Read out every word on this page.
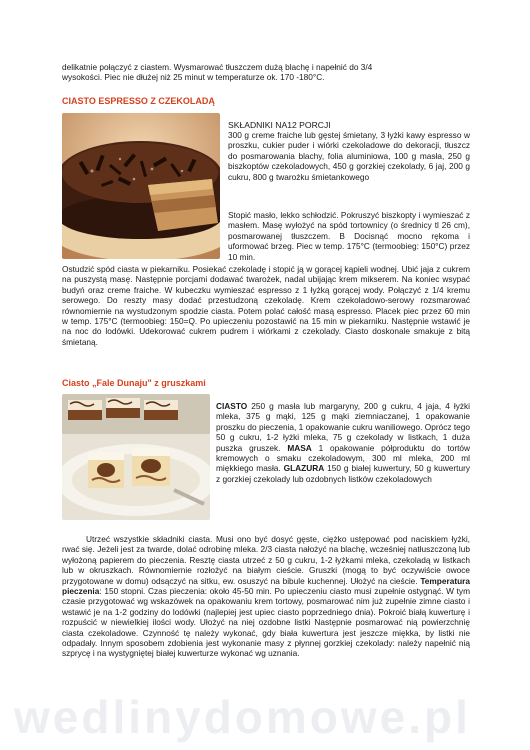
delikatnie połączyć z ciastem. Wysmarować tłuszczem dużą blachę i napełnić do 3/4

wysokości. Piec nie dłużej niż 25 minut w temperaturze ok. 170 -180°C.

CIASTO ESPRESSO Z CZEKOLADĄ
SKŁADNIKI NA12 PORCJI

300 g creme fraiche lub gęstej śmietany, 3 łyżki kawy espresso w proszku, cukier puder i wiórki czekoladowe do dekoracji, tłuszcz do posmarowania blachy, folia aluminiowa, 100 g masła, 250 g biszkoptów czekoladowych, 450 g gorzkiej czekolady, 6 jaj, 200 g cukru, 800 g twarożku śmietankowego

Stopić masło, lekko schłodzić. Pokruszyć biszkopty i wymieszać z masłem. Masę wyłożyć na spód tortownicy (o średnicy tl 26 cm), posmarowanej tłuszczem. B Docisnąć mocno rękoma i uformować brzeg. Piec w temp. 175°C (termoobieg: 150°C) przez 10 min.

Ostudzić spód ciasta w piekarniku. Posiekać czekoladę i stopić ją w gorącej kąpieli wodnej. Ubić jaja z cukrem na puszystą masę. Następnie porcjami dodawać twarożek, nadal ubijając krem mikserem. Na koniec wsypać budyń oraz creme fraiche. W kubeczku wymieszać espresso z 1 łyżką gorącej wody. Połączyć z 1/4 kremu serowego. Do reszty masy dodać przestudzoną czekoladę. Krem czekoladowo-serowy rozsmarować równomiernie na wystudzonym spodzie ciasta. Potem polać całość masą espresso. Placek piec przez 60 min w temp. 175°C (termoobieg: 150=Q. Po upieczeniu pozostawić na 15 min w piekarniku. Następnie wstawić je na noc do lodówki. Udekorować cukrem pudrem i wiórkami z czekolady. Ciasto doskonale smakuje z bitą śmietaną.

Ciasto „Fale Dunaju" z gruszkami

CIASTO 250 g masła lub margaryny, 200 g cukru, 4 jaja, 4 łyżki mleka, 375 g mąki, 125 g mąki ziemniaczanej, 1 opakowanie proszku do pieczenia, 1 opakowanie cukru waniliowego. Oprócz tego 50 g cukru, 1-2 łyżki mleka, 75 g czekolady w listkach, 1 duża puszka gruszek. MASA 1 opakowanie półproduktu do tortów kremowych o smaku czekoladowym, 300 ml mleka, 200 ml miękkiego masła. GLAZURA 150 g białej kuwertury, 50 g kuwertury z gorzkiej czekolady lub ozdobnych listków czekoladowych

Utrzeć wszystkie składniki ciasta. Musi ono być dosyć gęste, ciężko ustępować pod naciskiem łyżki, rwać się. Jeżeli jest za twarde, dolać odrobinę mleka. 2/3 ciasta nałożyć na blachę, wcześniej natłuszczoną lub wyłożoną papierem do pieczenia. Resztę ciasta utrzeć z 50 g cukru, 1-2 łyżkami mleka, czekoladą w listkach lub w okruszkach. Równomiernie rozłożyć na białym cieście. Gruszki (mogą to być oczywiście owoce przygotowane w domu) odsączyć na sitku, ew. osuszyć na bibule kuchennej. Ułożyć na cieście. Temperatura pieczenia: 150 stopni. Czas pieczenia: około 45-50 min. Po upieczeniu ciasto musi zupełnie ostygnąć. W tym czasie przygotować wg wskazówek na opakowaniu krem tortowy, posmarować nim już zupełnie zimne ciasto i wstawić je na 1-2 godziny do lodówki (najlepiej jest upiec ciasto poprzedniego dnia). Pokroić białą kuwerturę i rozpuścić w niewielkiej ilości wody. Ułożyć na niej ozdobne listki Następnie posmarować nią powierzchnię ciasta czekoladowe. Czynność tę należy wykonać, gdy biała kuwertura jest jeszcze miękka, by listki nie odpadały. Innym sposobem zdobienia jest wykonanie masy z płynnej gorzkiej czekolady: należy napełnić nią szprycę i na wystygniętej białej kuwerturze wykonać wg uznania.

wedlinydomowe.pl
